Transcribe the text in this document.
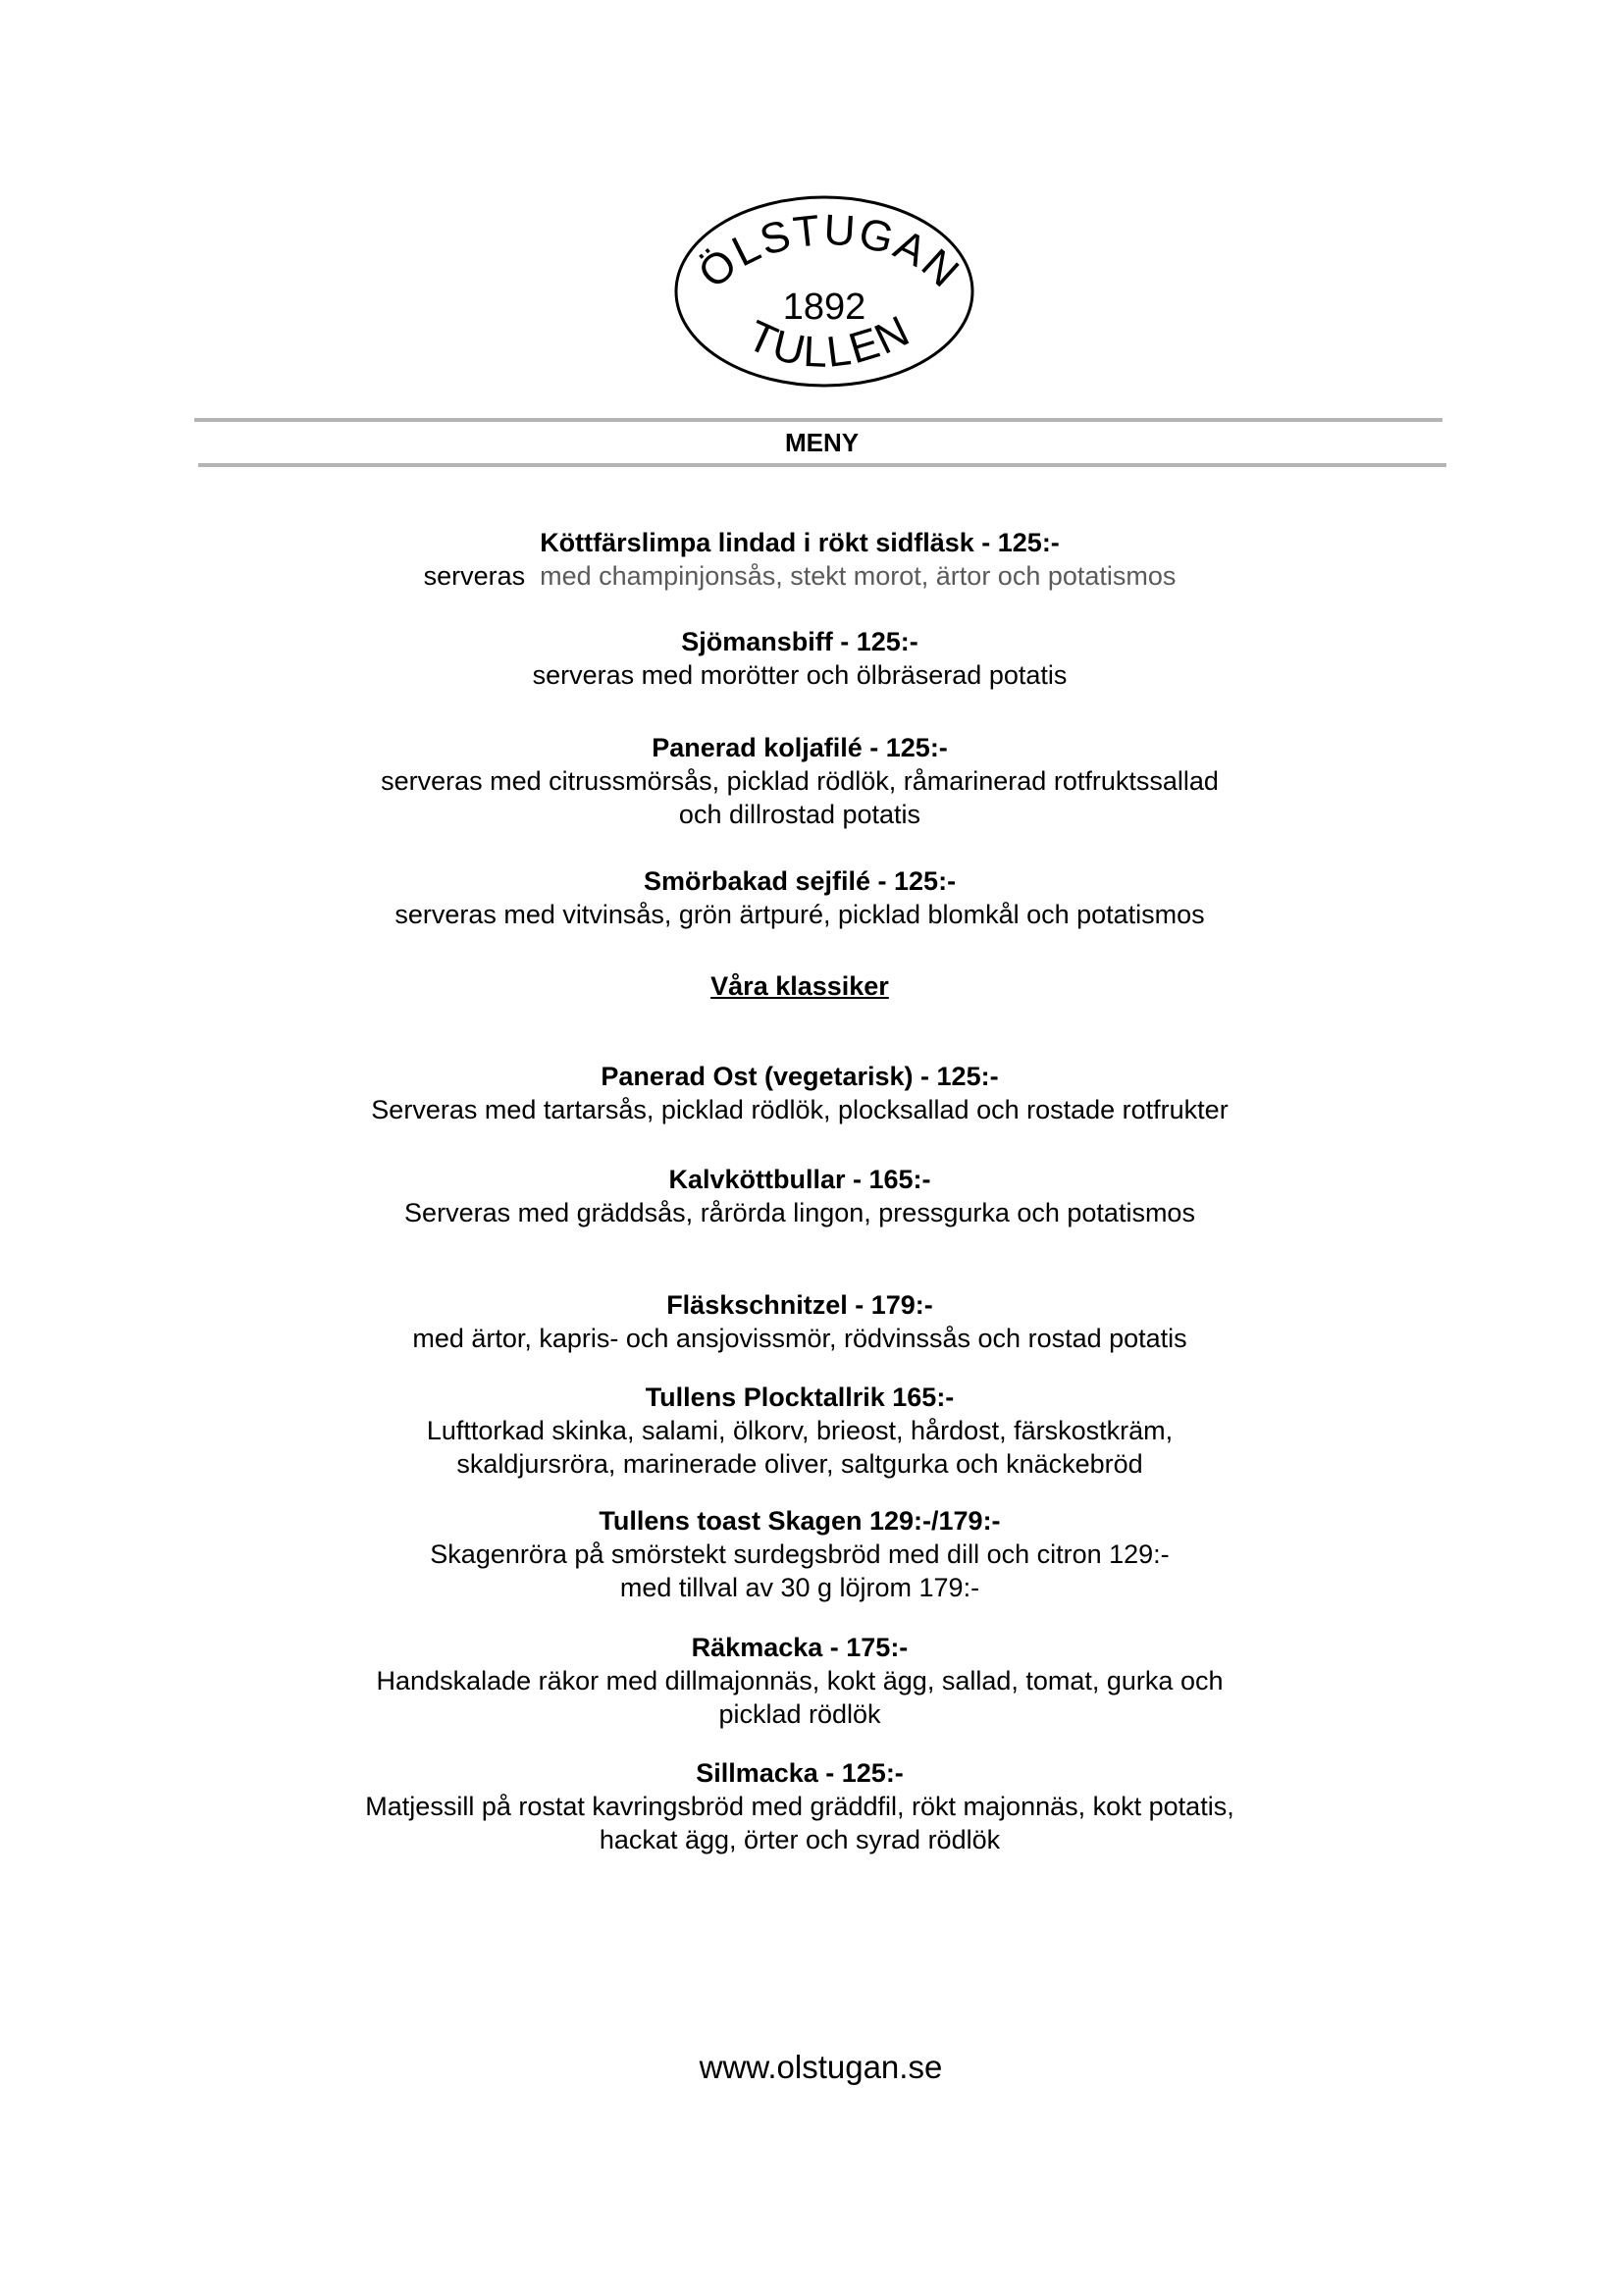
ÖLSTUGAN
1892
TULLEN
MENY
Köttfärslimpa lindad i rökt sidfläsk - 125:-
serveras med champinjonsås, stekt morot, ärtor och potatismos
Sjömansbiff - 125:-
serveras med morötter och ölbräserad potatis
Panerad koljafilé - 125:-
serveras med citrussmörsås, picklad rödlök, råmarinerad rotfruktssallad
och dillrostad potatis
Smörbakad sejfilé - 125:-
serveras med vitvinsås, grön ärtpuré, picklad blomkål och potatismos
Våra klassiker
Panerad Ost (vegetarisk) - 125:-
Serveras med tartarsås, picklad rödlök, plocksallad och rostade rotfrukter
Kalvköttbullar - 165:-
Serveras med gräddsås, rårörda lingon, pressgurka och potatismos
Fläskschnitzel - 179:-
med ärtor, kapris- och ansjovissmör, rödvinssås och rostad potatis
Tullens Plocktallrik 165:-
Lufttorkad skinka, salami, ölkorv, brieost, hårdost, färskostkräm,
skaldjursröra, marinerade oliver, saltgurka och knäckebröd
Tullens toast Skagen 129:-/179:-
Skagenröra på smörstekt surdegsbröd med dill och citron 129:-
med tillval av 30 g löjrom 179:-
Räkmacka - 175:-
Handskalade räkor med dillmajonnäs, kokt ägg, sallad, tomat, gurka och
picklad rödlök
Sillmacka - 125:-
Matjessill på rostat kavringsbröd med gräddfil, rökt majonnäs, kokt potatis,
hackat ägg, örter och syrad rödlök
www.olstugan.se
